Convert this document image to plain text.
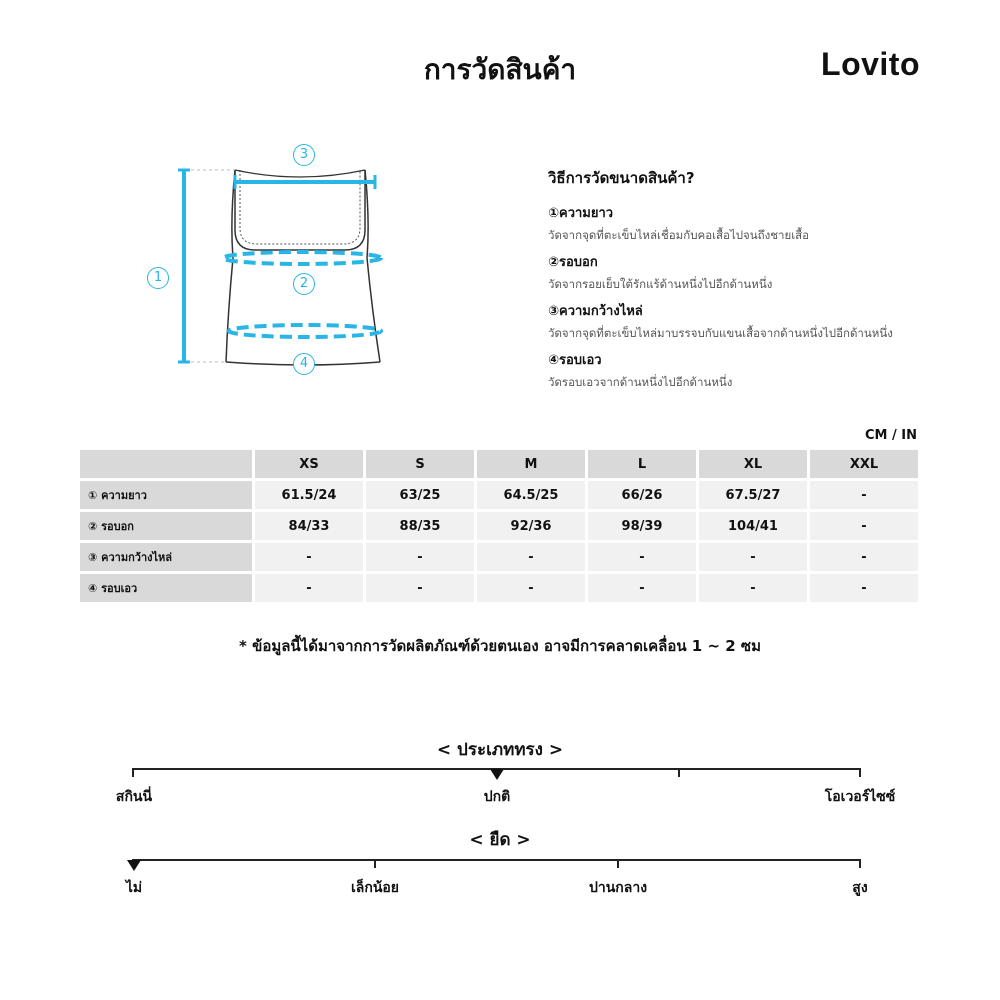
การวัดสินค้า	Lovito
1	2
3
4
วิธีการวัดขนาดสินค้า?
①ความยาว
วัดจากจุดที่ตะเข็บไหล่เชื่อมกับคอเสื้อไปจนถึงชายเสื้อ
②รอบอก
วัดจากรอยเย็บใต้รักแร้ด้านหนึ่งไปอีกด้านหนึ่ง
③ความกว้างไหล่
วัดจากจุดที่ตะเข็บไหล่มาบรรจบกับแขนเสื้อจากด้านหนึ่งไปอีกด้านหนึ่ง
④รอบเอว
วัดรอบเอวจากด้านหนึ่งไปอีกด้านหนึ่ง
CM / IN
	XS	S	M	L	XL	XXL
① ความยาว	61.5/24	63/25	64.5/25	66/26	67.5/27	-
② รอบอก	84/33	88/35	92/36	98/39	104/41	-
③ ความกว้างไหล่	-	-	-	-	-	-
④ รอบเอว	-	-	-	-	-	-
* ข้อมูลนี้ได้มาจากการวัดผลิตภัณฑ์ด้วยตนเอง อาจมีการคลาดเคลื่อน 1 ~ 2 ซม
< ประเภททรง >
สกินนี่	ปกติ	โอเวอร์ไซซ์
< ยืด >
ไม่	เล็กน้อย	ปานกลาง	สูง
